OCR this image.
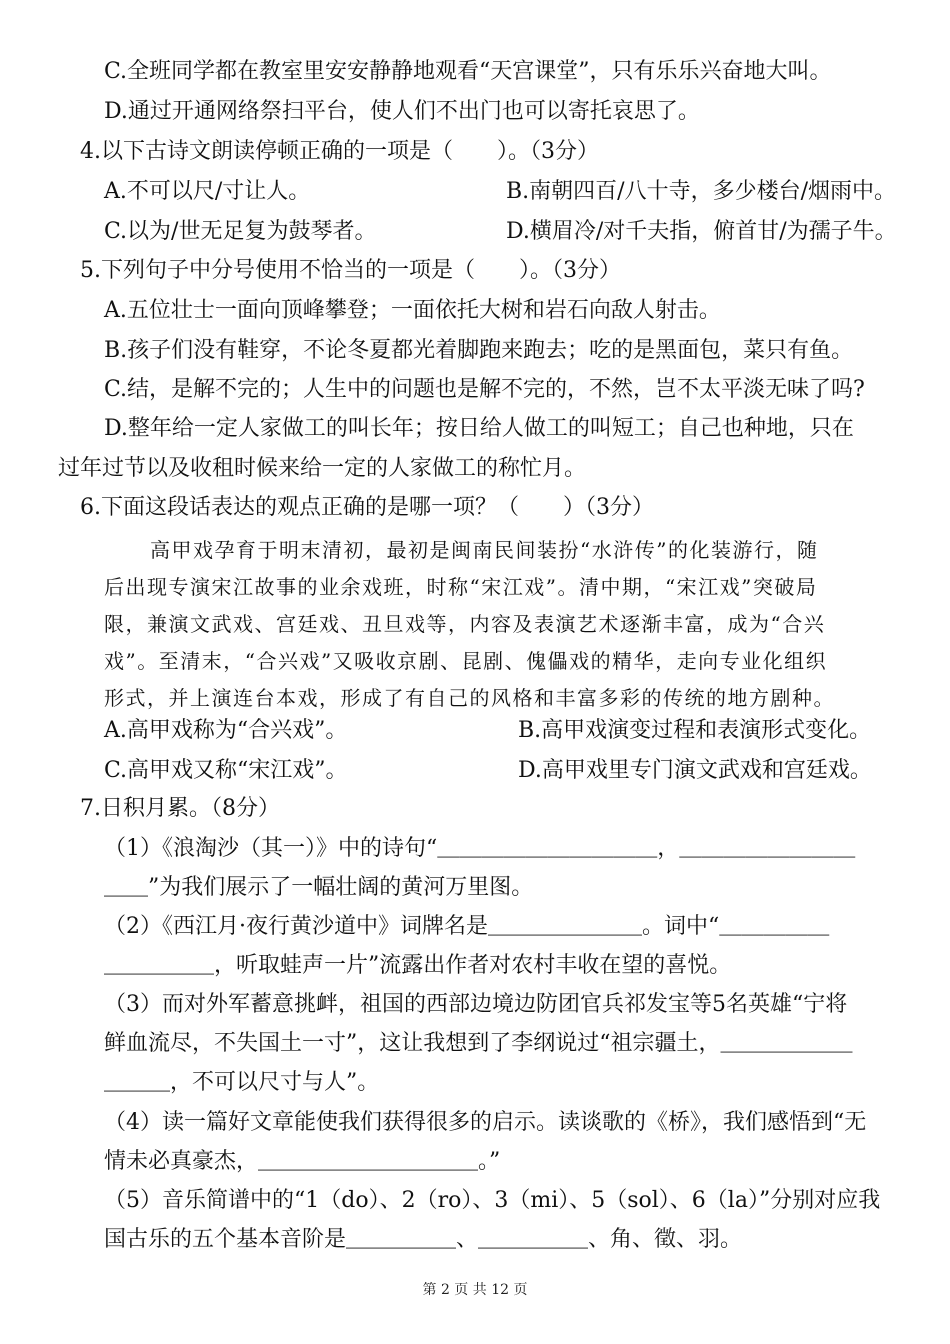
C.全班同学都在教室里安安静静地观看“天宫课堂”，只有乐乐兴奋地大叫。
D.通过开通网络祭扫平台，使人们不出门也可以寄托哀思了。
4.以下古诗文朗读停顿正确的一项是（　　）。（3分）
A.不可以尺/寸让人。	B.南朝四百/八十寺，多少楼台/烟雨中。
C.以为/世无足复为鼓琴者。	D.横眉冷/对千夫指，俯首甘/为孺子牛。
5.下列句子中分号使用不恰当的一项是（　　）。（3分）
A.五位壮士一面向顶峰攀登；一面依托大树和岩石向敌人射击。
B.孩子们没有鞋穿，不论冬夏都光着脚跑来跑去；吃的是黑面包，菜只有鱼。
C.结，是解不完的；人生中的问题也是解不完的，不然，岂不太平淡无味了吗?
D.整年给一定人家做工的叫长年；按日给人做工的叫短工；自己也种地，只在
过年过节以及收租时候来给一定的人家做工的称忙月。
6.下面这段话表达的观点正确的是哪一项？（　　）（3分）
高甲戏孕育于明末清初，最初是闽南民间装扮“水浒传”的化装游行，随
后出现专演宋江故事的业余戏班，时称“宋江戏”。清中期，“宋江戏”突破局
限，兼演文武戏、宫廷戏、丑旦戏等，内容及表演艺术逐渐丰富，成为“合兴
戏”。至清末，“合兴戏”又吸收京剧、昆剧、傀儡戏的精华，走向专业化组织
形式，并上演连台本戏，形成了有自己的风格和丰富多彩的传统的地方剧种。
A.高甲戏称为“合兴戏”。	B.高甲戏演变过程和表演形式变化。
C.高甲戏又称“宋江戏”。	D.高甲戏里专门演文武戏和宫廷戏。
7.日积月累。（8分）
（1）《浪淘沙（其一）》中的诗句“＿＿＿＿＿＿＿＿＿＿，＿＿＿＿＿＿＿＿
＿＿”为我们展示了一幅壮阔的黄河万里图。
（2）《西江月·夜行黄沙道中》词牌名是＿＿＿＿＿＿＿。词中“＿＿＿＿＿
＿＿＿＿＿，听取蛙声一片”流露出作者对农村丰收在望的喜悦。
（3）而对外军蓄意挑衅，祖国的西部边境边防团官兵祁发宝等5名英雄“宁将
鲜血流尽，不失国土一寸”，这让我想到了李纲说过“祖宗疆土，＿＿＿＿＿＿
＿＿＿，不可以尺寸与人”。
（4）读一篇好文章能使我们获得很多的启示。读谈歌的《桥》，我们感悟到“无
情未必真豪杰，＿＿＿＿＿＿＿＿＿＿。”
（5）音乐简谱中的“1（do）、2（ro）、3（mi）、5（sol）、6（la）”分别对应我
国古乐的五个基本音阶是＿＿＿＿＿、＿＿＿＿＿、角、徵、羽。
第 2 页 共 12 页
